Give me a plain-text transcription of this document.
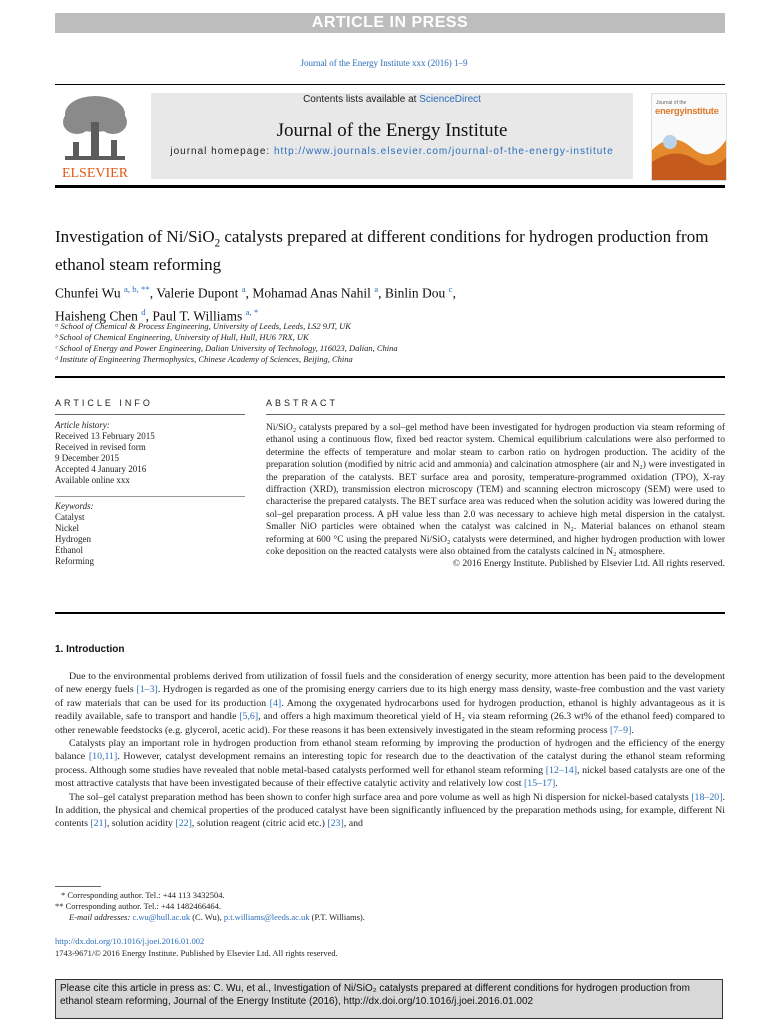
ARTICLE IN PRESS
Journal of the Energy Institute xxx (2016) 1–9
ELSEVIER
Contents lists available at ScienceDirect
Journal of the Energy Institute
journal homepage: http://www.journals.elsevier.com/journal-of-the-energy-institute
Journal of the
energyinstitute
Investigation of Ni/SiO$_2$ catalysts prepared at different conditions for hydrogen production from ethanol steam reforming
Chunfei Wu $^{a, b, **}$, Valerie Dupont $^a$, Mohamad Anas Nahil $^a$, Binlin Dou $^c$,
Haisheng Chen $^d$, Paul T. Williams $^{a, *}$
ᵃ School of Chemical & Process Engineering, University of Leeds, Leeds, LS2 9JT, UK
ᵇ School of Chemical Engineering, University of Hull, Hull, HU6 7RX, UK
ᶜ School of Energy and Power Engineering, Dalian University of Technology, 116023, Dalian, China
ᵈ Institute of Engineering Thermophysics, Chinese Academy of Sciences, Beijing, China
ARTICLE INFO	ABSTRACT
Article history:
Received 13 February 2015
Received in revised form
9 December 2015
Accepted 4 January 2016
Available online xxx
Keywords:
Catalyst
Nickel
Hydrogen
Ethanol
Reforming
Ni/SiO₂ catalysts prepared by a sol–gel method have been investigated for hydrogen production via steam reforming of ethanol using a continuous flow, fixed bed reactor system. Chemical equilibrium calculations were also performed to determine the effects of temperature and molar steam to carbon ratio on hydrogen production. The acidity of the preparation solution (modified by nitric acid and ammonia) and calcination atmosphere (air and N₂) were investigated in the preparation of the catalysts. BET surface area and porosity, temperature-programmed oxidation (TPO), X-ray diffraction (XRD), transmission electron microscopy (TEM) and scanning electron microscopy (SEM) were used to characterise the prepared catalysts. The BET surface area was reduced when the solution acidity was lowered during the sol–gel preparation process. A pH value less than 2.0 was necessary to achieve high metal dispersion in the catalyst. Smaller NiO particles were obtained when the catalyst was calcined in N₂. Material balances on ethanol steam reforming at 600 °C using the prepared Ni/SiO₂ catalysts were determined, and higher hydrogen production with lower coke deposition on the reacted catalysts were also obtained from the catalysts calcined in N₂ atmosphere.
© 2016 Energy Institute. Published by Elsevier Ltd. All rights reserved.
1. Introduction

Due to the environmental problems derived from utilization of fossil fuels and the consideration of energy security, more attention has been paid to the development of new energy fuels [1–3]. Hydrogen is regarded as one of the promising energy carriers due to its high energy mass density, waste-free combustion and the vast variety of raw materials that can be used for its production [4]. Among the oxygenated hydrocarbons used for hydrogen production, ethanol is highly advantageous as it is readily available, safe to transport and handle [5,6], and offers a high maximum theoretical yield of H₂ via steam reforming (26.3 wt% of the ethanol feed) compared to other renewable feedstocks (e.g. glycerol, acetic acid). For these reasons it has been extensively investigated in the steam reforming process [7–9].

Catalysts play an important role in hydrogen production from ethanol steam reforming by improving the production of hydrogen and the efficiency of the energy balance [10,11]. However, catalyst development remains an interesting topic for research due to the deactivation of the catalyst during the ethanol steam reforming process. Although some studies have revealed that noble metal-based catalysts performed well for ethanol steam reforming [12–14], nickel based catalysts are one of the most attractive catalysts that have been investigated because of their effective catalytic activity and relatively low cost [15–17].

The sol–gel catalyst preparation method has been shown to confer high surface area and pore volume as well as high Ni dispersion for nickel-based catalysts [18–20]. In addition, the physical and chemical properties of the produced catalyst have been significantly influenced by the preparation methods using, for example, different Ni contents [21], solution acidity [22], solution reagent (citric acid etc.) [23], and

* Corresponding author. Tel.: +44 113 3432504.
** Corresponding author. Tel.: +44 1482466464.
E-mail addresses: c.wu@hull.ac.uk (C. Wu), p.t.williams@leeds.ac.uk (P.T. Williams).
http://dx.doi.org/10.1016/j.joei.2016.01.002
1743-9671/© 2016 Energy Institute. Published by Elsevier Ltd. All rights reserved.
Please cite this article in press as: C. Wu, et al., Investigation of Ni/SiO₂ catalysts prepared at different conditions for hydrogen production from ethanol steam reforming, Journal of the Energy Institute (2016), http://dx.doi.org/10.1016/j.joei.2016.01.002
